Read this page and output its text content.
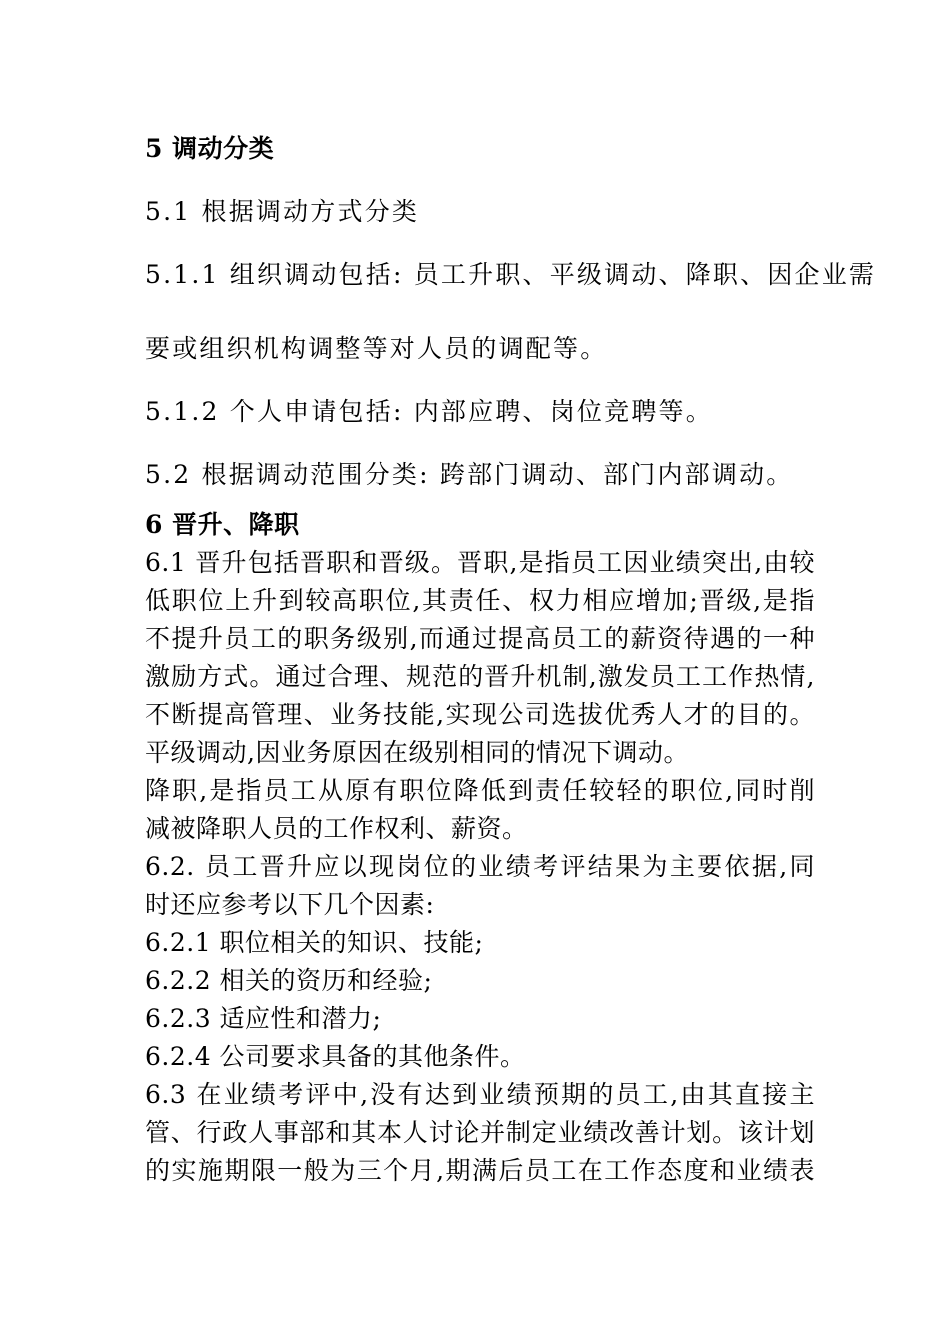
5 调动分类
5.1 根据调动方式分类
5.1.1 组织调动包括: 员工升职、平级调动、降职、因企业需
要或组织机构调整等对人员的调配等。
5.1.2 个人申请包括: 内部应聘、岗位竞聘等。
5.2 根据调动范围分类: 跨部门调动、部门内部调动。
6 晋升、降职
6.1 晋升包括晋职和晋级。晋职,是指员工因业绩突出,由较
低职位上升到较高职位,其责任、权力相应增加;晋级,是指
不提升员工的职务级别,而通过提高员工的薪资待遇的一种
激励方式。通过合理、规范的晋升机制,激发员工工作热情,
不断提高管理、业务技能,实现公司选拔优秀人才的目的。
平级调动,因业务原因在级别相同的情况下调动。
降职,是指员工从原有职位降低到责任较轻的职位,同时削
减被降职人员的工作权利、薪资。
6.2. 员工晋升应以现岗位的业绩考评结果为主要依据,同
时还应参考以下几个因素:
6.2.1 职位相关的知识、技能;
6.2.2 相关的资历和经验;
6.2.3 适应性和潜力;
6.2.4 公司要求具备的其他条件。
6.3 在业绩考评中,没有达到业绩预期的员工,由其直接主
管、行政人事部和其本人讨论并制定业绩改善计划。该计划
的实施期限一般为三个月,期满后员工在工作态度和业绩表
